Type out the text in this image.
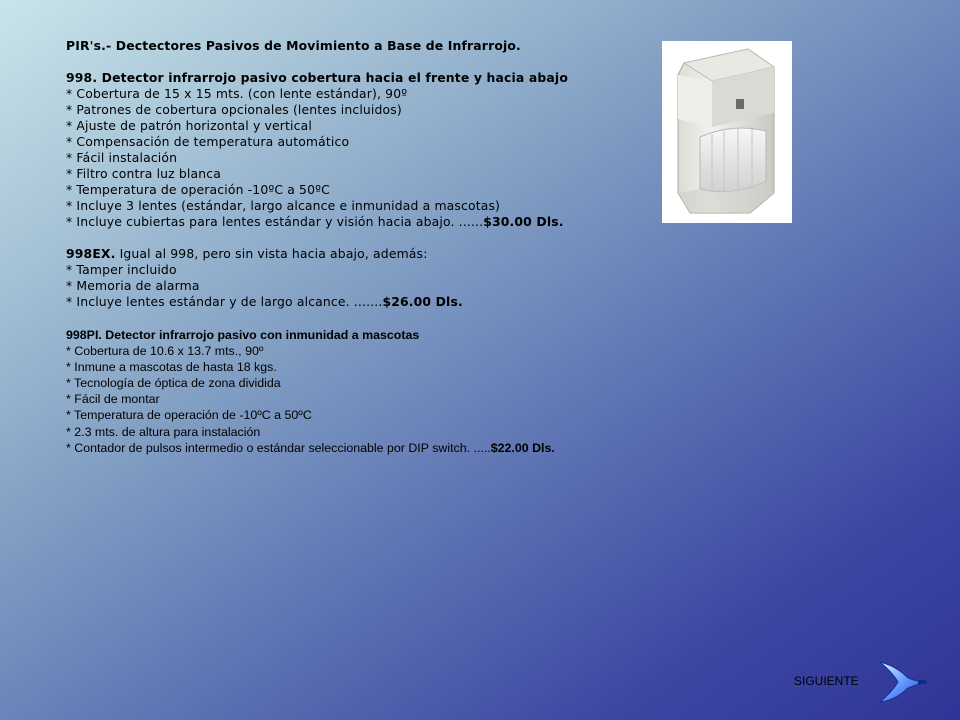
PIR's.- Dectectores Pasivos de Movimiento a Base de Infrarrojo.
998. Detector infrarrojo pasivo cobertura hacia el frente y hacia abajo
* Cobertura de 15 x 15 mts. (con lente estándar), 90º
* Patrones de cobertura opcionales (lentes incluidos)
* Ajuste de patrón horizontal y vertical
* Compensación de temperatura automático
* Fácil instalación
* Filtro contra luz blanca
* Temperatura de operación -10ºC a 50ºC
* Incluye 3 lentes (estándar, largo alcance e inmunidad a mascotas)
* Incluye cubiertas para lentes estándar y visión hacia abajo. ......$30.00 Dls.
998EX. Igual al 998, pero sin vista hacia abajo, además:
* Tamper incluido
* Memoria de alarma
* Incluye lentes estándar y de largo alcance. .......$26.00 Dls.
998PI. Detector infrarrojo pasivo con inmunidad a mascotas
* Cobertura de 10.6 x 13.7 mts., 90º
* Inmune a mascotas de hasta 18 kgs.
* Tecnología de óptica de zona dividida
* Fácil de montar
* Temperatura de operación de -10ºC a 50ºC
* 2.3 mts. de altura para instalación
* Contador de pulsos intermedio o estándar seleccionable por DIP switch. .....$22.00 Dls.
SIGUIENTE
